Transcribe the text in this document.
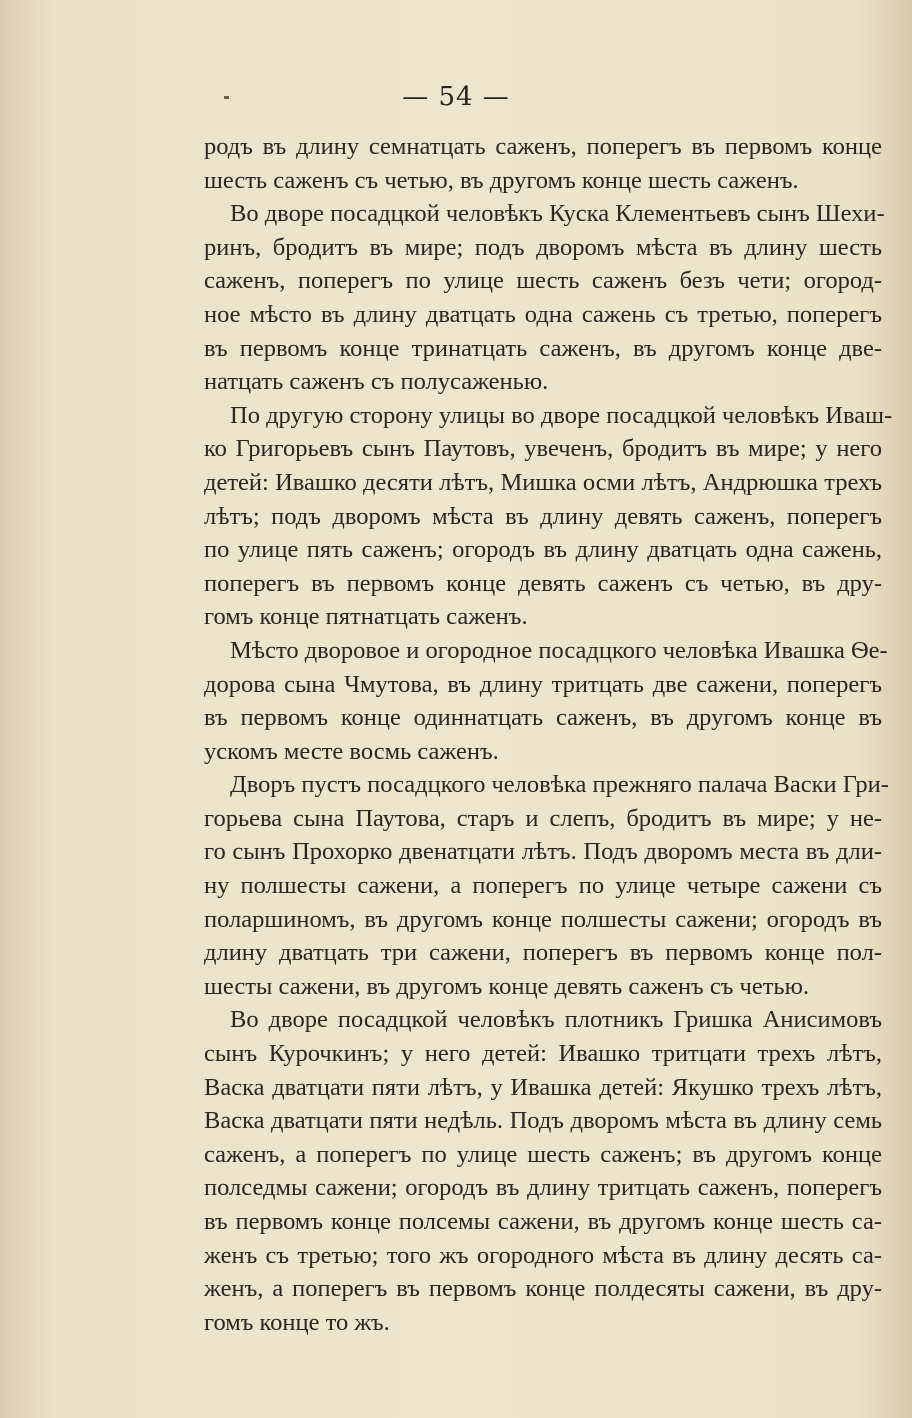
— 54 —
родъ въ длину семнатцать саженъ, поперегъ въ первомъ конце
шесть саженъ съ четью, въ другомъ конце шесть саженъ.
Во дворе посадцкой человѣкъ Куска Клементьевъ сынъ Шехи-
ринъ, бродитъ въ мире; подъ дворомъ мѣста въ длину шесть
саженъ, поперегъ по улице шесть саженъ безъ чети; огород-
ное мѣсто въ длину дватцать одна сажень съ третью, поперегъ
въ первомъ конце тринатцать саженъ, въ другомъ конце две-
натцать саженъ съ полусаженью.
По другую сторону улицы во дворе посадцкой человѣкъ Иваш-
ко Григорьевъ сынъ Паутовъ, увеченъ, бродитъ въ мире; у него
детей: Ивашко десяти лѣтъ, Мишка осми лѣтъ, Андрюшка трехъ
лѣтъ; подъ дворомъ мѣста въ длину девять саженъ, поперегъ
по улице пять саженъ; огородъ въ длину дватцать одна сажень,
поперегъ въ первомъ конце девять саженъ съ четью, въ дру-
гомъ конце пятнатцать саженъ.
Мѣсто дворовое и огородное посадцкого человѣка Ивашка Ѳе-
дорова сына Чмутова, въ длину тритцать две сажени, поперегъ
въ первомъ конце одиннатцать саженъ, въ другомъ конце въ
ускомъ месте восмь саженъ.
Дворъ пустъ посадцкого человѣка прежняго палача Васки Гри-
горьева сына Паутова, старъ и слепъ, бродитъ въ мире; у не-
го сынъ Прохорко двенатцати лѣтъ. Подъ дворомъ места въ дли-
ну полшесты сажени, а поперегъ по улице четыре сажени съ
поларшиномъ, въ другомъ конце полшесты сажени; огородъ въ
длину дватцать три сажени, поперегъ въ первомъ конце пол-
шесты сажени, въ другомъ конце девять саженъ съ четью.
Во дворе посадцкой человѣкъ плотникъ Гришка Анисимовъ
сынъ Курочкинъ; у него детей: Ивашко тритцати трехъ лѣтъ,
Васка дватцати пяти лѣтъ, у Ивашка детей: Якушко трехъ лѣтъ,
Васка дватцати пяти недѣль. Подъ дворомъ мѣста въ длину семь
саженъ, а поперегъ по улице шесть саженъ; въ другомъ конце
полседмы сажени; огородъ въ длину тритцать саженъ, поперегъ
въ первомъ конце полсемы сажени, въ другомъ конце шесть са-
женъ съ третью; того жъ огородного мѣста въ длину десять са-
женъ, а поперегъ въ первомъ конце полдесяты сажени, въ дру-
гомъ конце то жъ.
